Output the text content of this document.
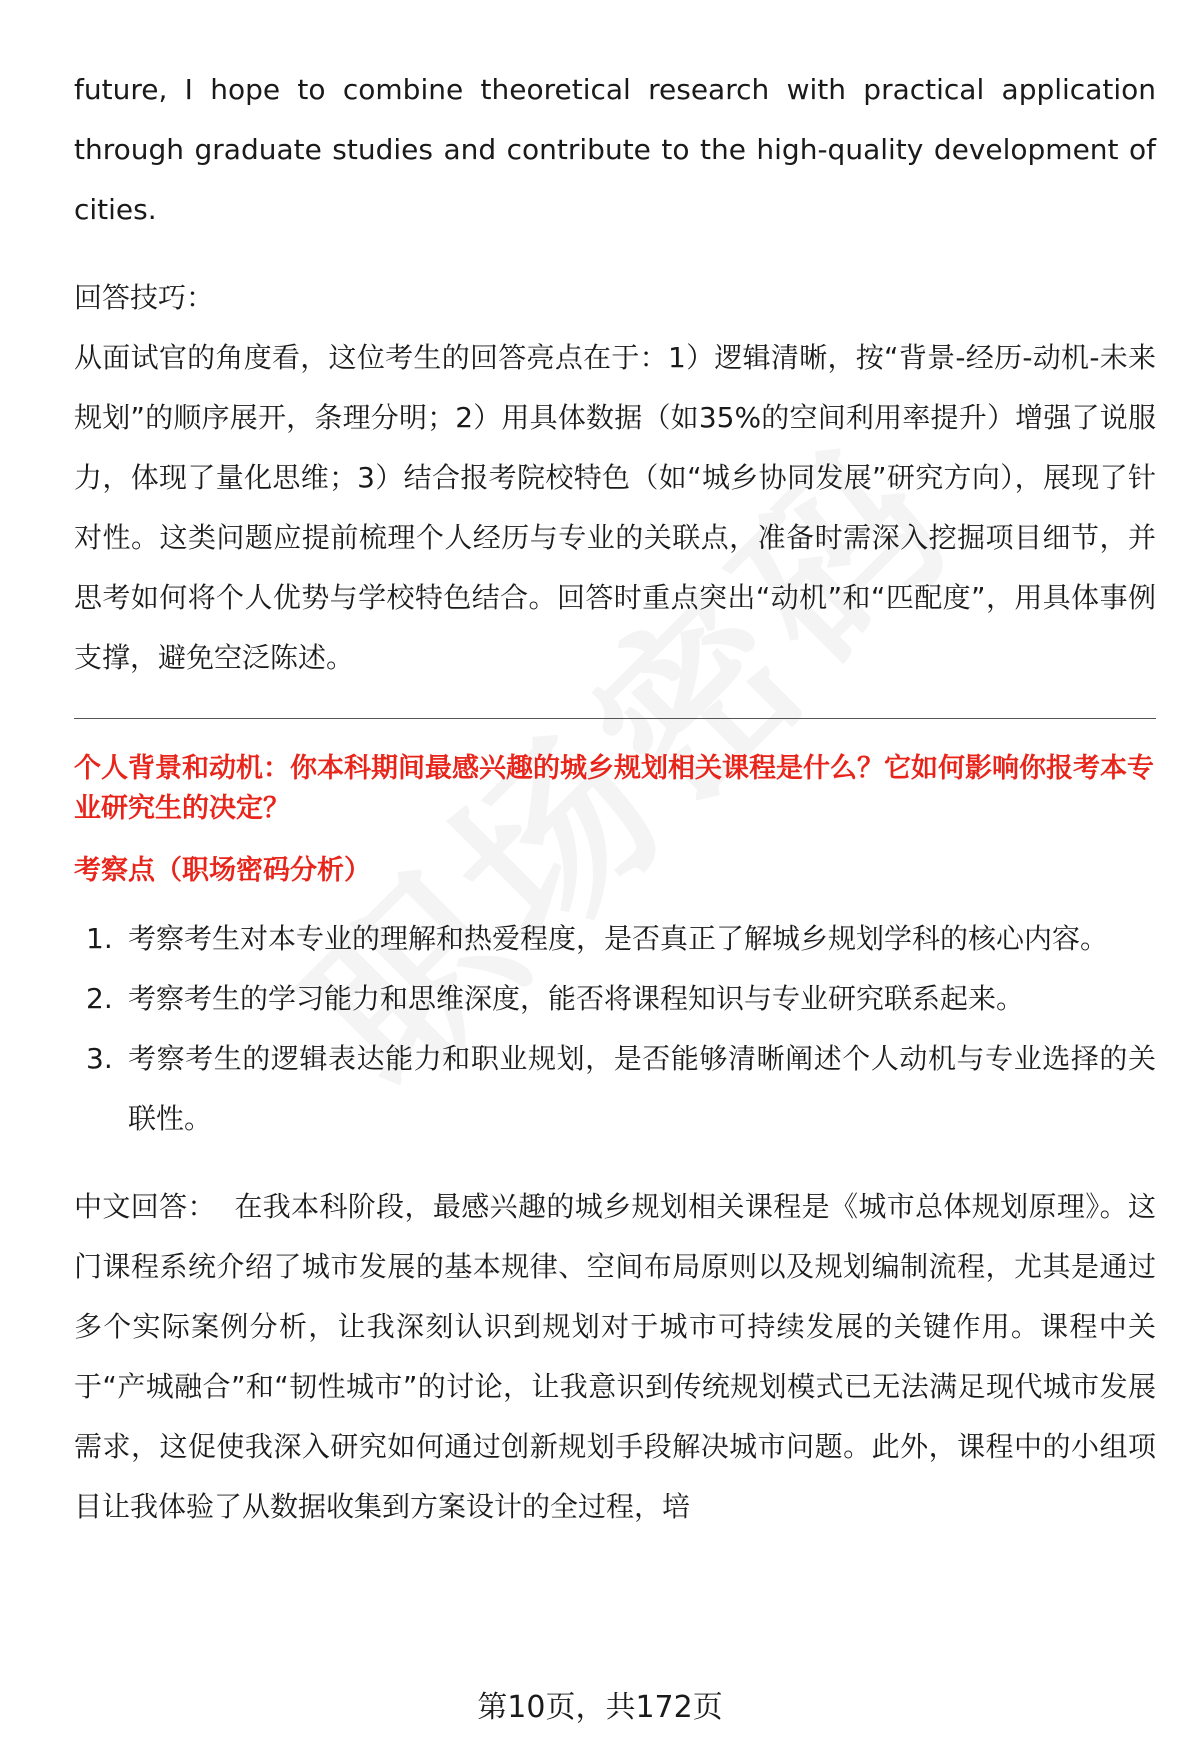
future, I hope to combine theoretical research with practical application through graduate studies and contribute to the high-quality development of cities.

回答技巧：

从面试官的角度看，这位考生的回答亮点在于：1）逻辑清晰，按“背景-经历-动机-未来规划”的顺序展开，条理分明；2）用具体数据（如35%的空间利用率提升）增强了说服力，体现了量化思维；3）结合报考院校特色（如“城乡协同发展”研究方向），展现了针对性。这类问题应提前梳理个人经历与专业的关联点，准备时需深入挖掘项目细节，并思考如何将个人优势与学校特色结合。回答时重点突出“动机”和“匹配度”，用具体事例支撑，避免空泛陈述。

个人背景和动机：你本科期间最感兴趣的城乡规划相关课程是什么？它如何影响你报考本专业研究生的决定？

考察点（职场密码分析）

1. 考察考生对本专业的理解和热爱程度，是否真正了解城乡规划学科的核心内容。
2. 考察考生的学习能力和思维深度，能否将课程知识与专业研究联系起来。
3. 考察考生的逻辑表达能力和职业规划，是否能够清晰阐述个人动机与专业选择的关联性。

中文回答： 在我本科阶段，最感兴趣的城乡规划相关课程是《城市总体规划原理》。这门课程系统介绍了城市发展的基本规律、空间布局原则以及规划编制流程，尤其是通过多个实际案例分析，让我深刻认识到规划对于城市可持续发展的关键作用。课程中关于“产城融合”和“韧性城市”的讨论，让我意识到传统规划模式已无法满足现代城市发展需求，这促使我深入研究如何通过创新规划手段解决城市问题。此外，课程中的小组项目让我体验了从数据收集到方案设计的全过程，培

第10页，共172页
